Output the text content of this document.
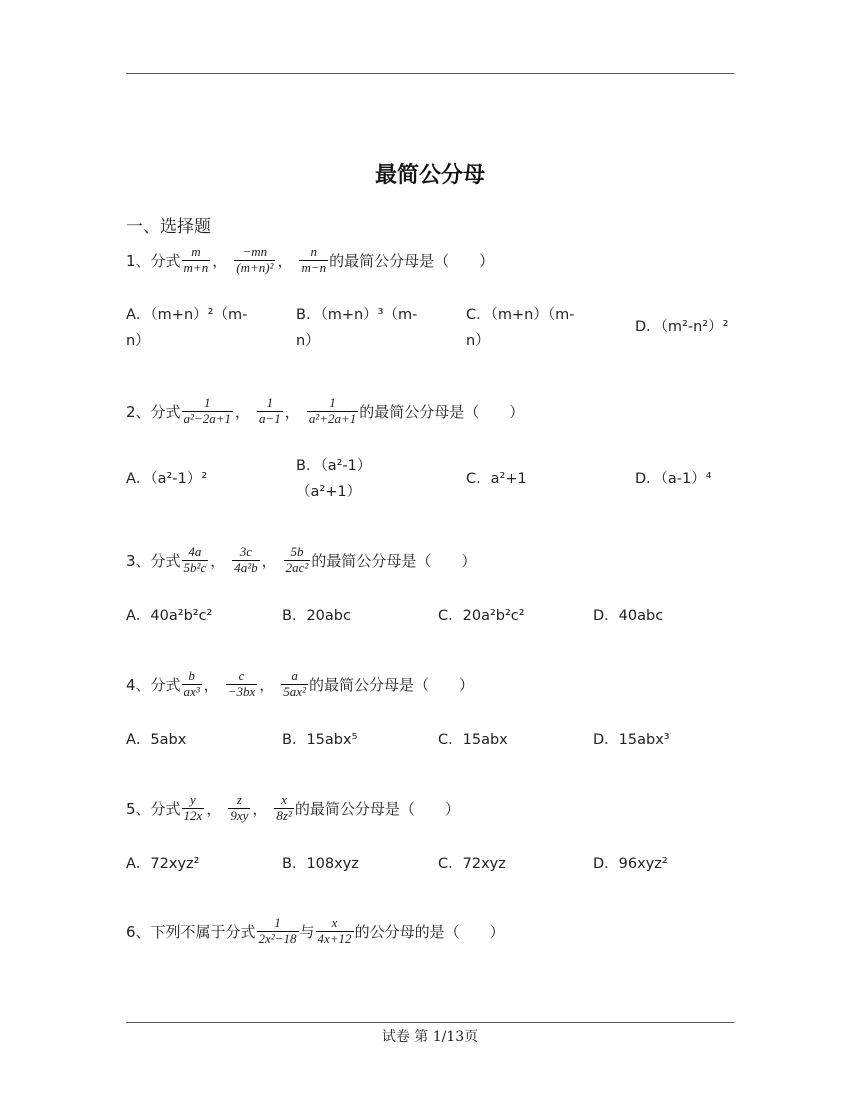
最简公分母
一、选择题
1、分式 $\frac{m}{m+n}$ ， $\frac{-mn}{\text{(m+n)²}}$ ， $\frac{n}{m-n}$ 的最简公分母是（　　）
A．（m+n）²（m-
n）
B．（m+n）³（m-
n）
C．（m+n）（m-
n）
D．（m²-n²）²
2、分式 $\frac{1}{\text{a²−2a+1}}$ ， $\frac{1}{a-1}$ ， $\frac{1}{\text{a²+2a+1}}$ 的最简公分母是（　　）
A．（a²-1）²
B．（a²-1）
（a²+1）
C．a²+1	D．（a-1）⁴
3、分式 $\frac{4a}{\text{5b²c}}$ ， $\frac{3c}{\text{4a²b}}$ ， $\frac{5b}{\text{2ac²}}$ 的最简公分母是（　　）
A．40a²b²c²	B．20abc	C．20a²b²c²	D．40abc
4、分式 $\frac{b}{\text{ax³}}$ ， $\frac{c}{-3bx}$ ， $\frac{a}{\text{5ax²}}$ 的最简公分母是（　　）
A．5abx	B．15abx⁵	C．15abx	D．15abx³
5、分式 $\frac{y}{12x}$ ， $\frac{z}{9xy}$ ， $\frac{x}{\text{8z²}}$ 的最简公分母是（　　）
A．72xyz²	B．108xyz	C．72xyz	D．96xyz²
6、下列不属于分式 $\frac{1}{\text{2x²−18}}$ 与 $\frac{x}{4x+12}$ 的公分母的是（　　）
试卷 第 1/13页
